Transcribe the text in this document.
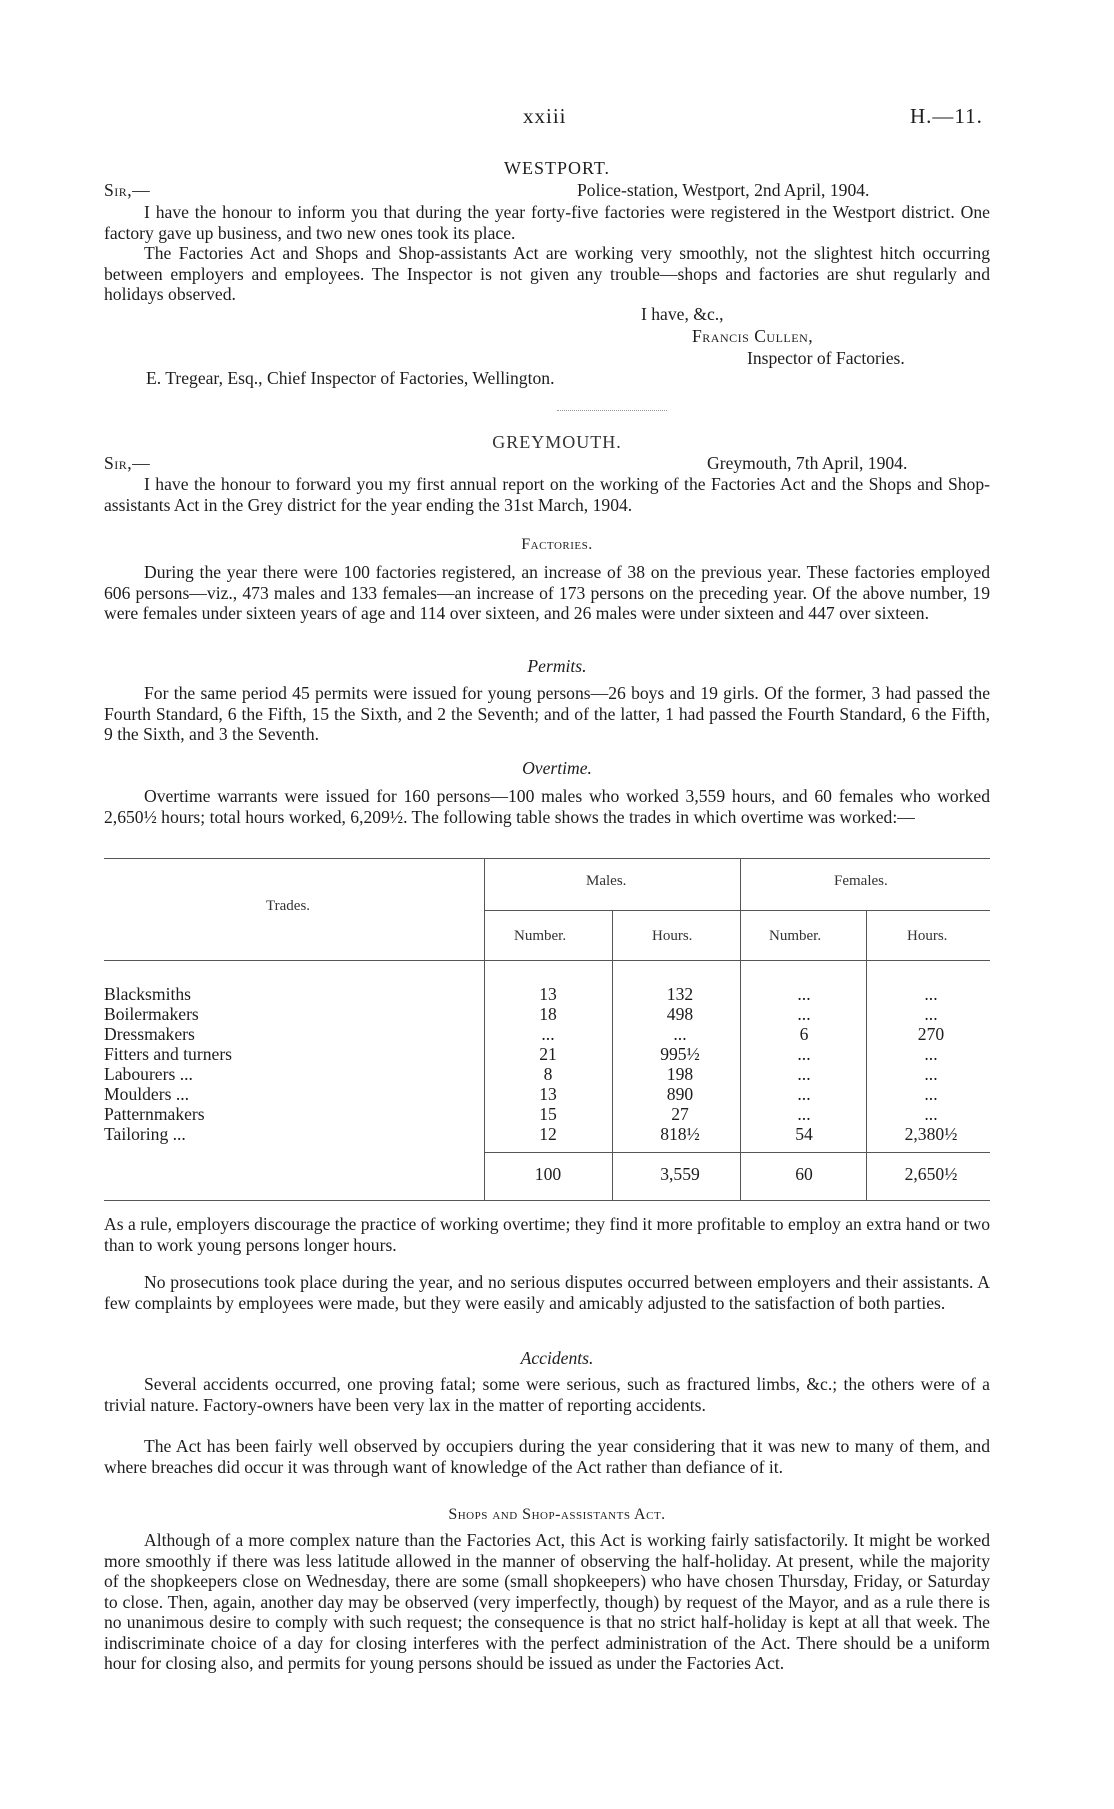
xxiii	H.—11.
WESTPORT.
Sir,—	Police-station, Westport, 2nd April, 1904.
I have the honour to inform you that during the year forty-five factories were registered in the Westport district. One factory gave up business, and two new ones took its place.
The Factories Act and Shops and Shop-assistants Act are working very smoothly, not the slightest hitch occurring between employers and employees. The Inspector is not given any trouble—shops and factories are shut regularly and holidays observed.
I have, &c.,
Francis Cullen,
Inspector of Factories.
E. Tregear, Esq., Chief Inspector of Factories, Wellington.
GREYMOUTH.
Sir,—	Greymouth, 7th April, 1904.
I have the honour to forward you my first annual report on the working of the Factories Act and the Shops and Shop-assistants Act in the Grey district for the year ending the 31st March, 1904.
Factories.
During the year there were 100 factories registered, an increase of 38 on the previous year. These factories employed 606 persons—viz., 473 males and 133 females—an increase of 173 persons on the preceding year. Of the above number, 19 were females under sixteen years of age and 114 over sixteen, and 26 males were under sixteen and 447 over sixteen.
Permits.
For the same period 45 permits were issued for young persons—26 boys and 19 girls. Of the former, 3 had passed the Fourth Standard, 6 the Fifth, 15 the Sixth, and 2 the Seventh; and of the latter, 1 had passed the Fourth Standard, 6 the Fifth, 9 the Sixth, and 3 the Seventh.
Overtime.
Overtime warrants were issued for 160 persons—100 males who worked 3,559 hours, and 60 females who worked 2,650½ hours; total hours worked, 6,209½. The following table shows the trades in which overtime was worked:—
Trades.
Males.	Females.
Number.	Hours.	Number.	Hours.
Blacksmiths	13	132	...	...
Boilermakers	18	498	...	...
Dressmakers	...	...	6	270
Fitters and turners	21	995½	...	...
Labourers ...	8	198	...	...
Moulders ...	13	890	...	...
Patternmakers	15	27	...	...
Tailoring ...	12	818½	54	2,380½
100	3,559	60	2,650½
As a rule, employers discourage the practice of working overtime; they find it more profitable to employ an extra hand or two than to work young persons longer hours.
No prosecutions took place during the year, and no serious disputes occurred between employers and their assistants. A few complaints by employees were made, but they were easily and amicably adjusted to the satisfaction of both parties.
Accidents.
Several accidents occurred, one proving fatal; some were serious, such as fractured limbs, &c.; the others were of a trivial nature. Factory-owners have been very lax in the matter of reporting accidents.
The Act has been fairly well observed by occupiers during the year considering that it was new to many of them, and where breaches did occur it was through want of knowledge of the Act rather than defiance of it.
Shops and Shop-assistants Act.
Although of a more complex nature than the Factories Act, this Act is working fairly satisfactorily. It might be worked more smoothly if there was less latitude allowed in the manner of observing the half-holiday. At present, while the majority of the shopkeepers close on Wednesday, there are some (small shopkeepers) who have chosen Thursday, Friday, or Saturday to close. Then, again, another day may be observed (very imperfectly, though) by request of the Mayor, and as a rule there is no unanimous desire to comply with such request; the consequence is that no strict half-holiday is kept at all that week. The indiscriminate choice of a day for closing interferes with the perfect administration of the Act. There should be a uniform hour for closing also, and permits for young persons should be issued as under the Factories Act.
